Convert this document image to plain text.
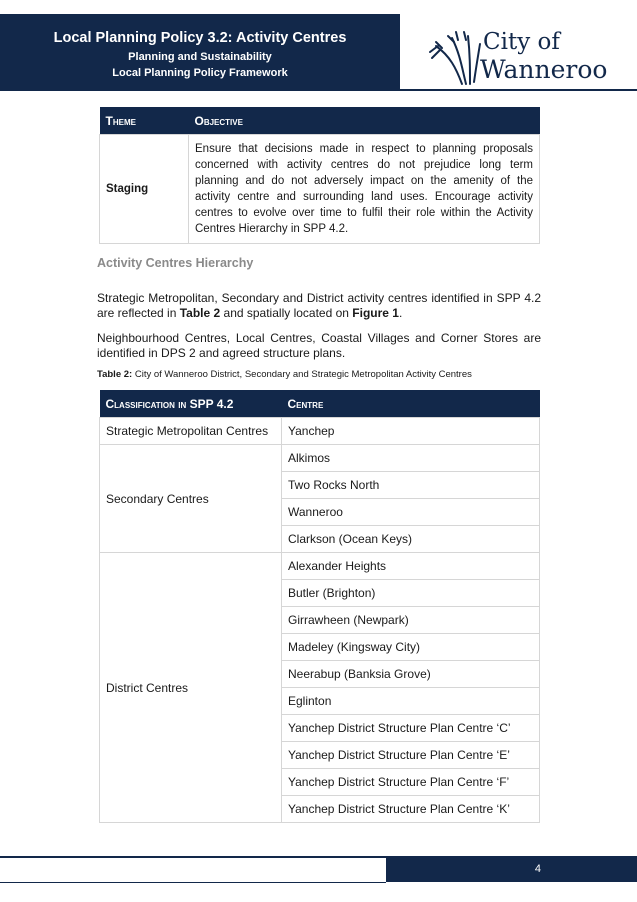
Local Planning Policy 3.2: Activity Centres
Planning and Sustainability
Local Planning Policy Framework
City of
Wanneroo
Theme	Objective
Staging	Ensure that decisions made in respect to planning proposals concerned with activity centres do not prejudice long term planning and do not adversely impact on the amenity of the activity centre and surrounding land uses. Encourage activity centres to evolve over time to fulfil their role within the Activity Centres Hierarchy in SPP 4.2.
Activity Centres Hierarchy
Strategic Metropolitan, Secondary and District activity centres identified in SPP 4.2 are reflected in Table 2 and spatially located on Figure 1.
Neighbourhood Centres, Local Centres, Coastal Villages and Corner Stores are identified in DPS 2 and agreed structure plans.
Table 2: City of Wanneroo District, Secondary and Strategic Metropolitan Activity Centres
Classification in SPP 4.2	Centre
Strategic Metropolitan Centres	Yanchep
Secondary Centres	Alkimos
	Two Rocks North
	Wanneroo
	Clarkson (Ocean Keys)
District Centres	Alexander Heights
	Butler (Brighton)
	Girrawheen (Newpark)
	Madeley (Kingsway City)
	Neerabup (Banksia Grove)
	Eglinton
	Yanchep District Structure Plan Centre ‘C’
	Yanchep District Structure Plan Centre ‘E’
	Yanchep District Structure Plan Centre ‘F’
	Yanchep District Structure Plan Centre ‘K’
4
